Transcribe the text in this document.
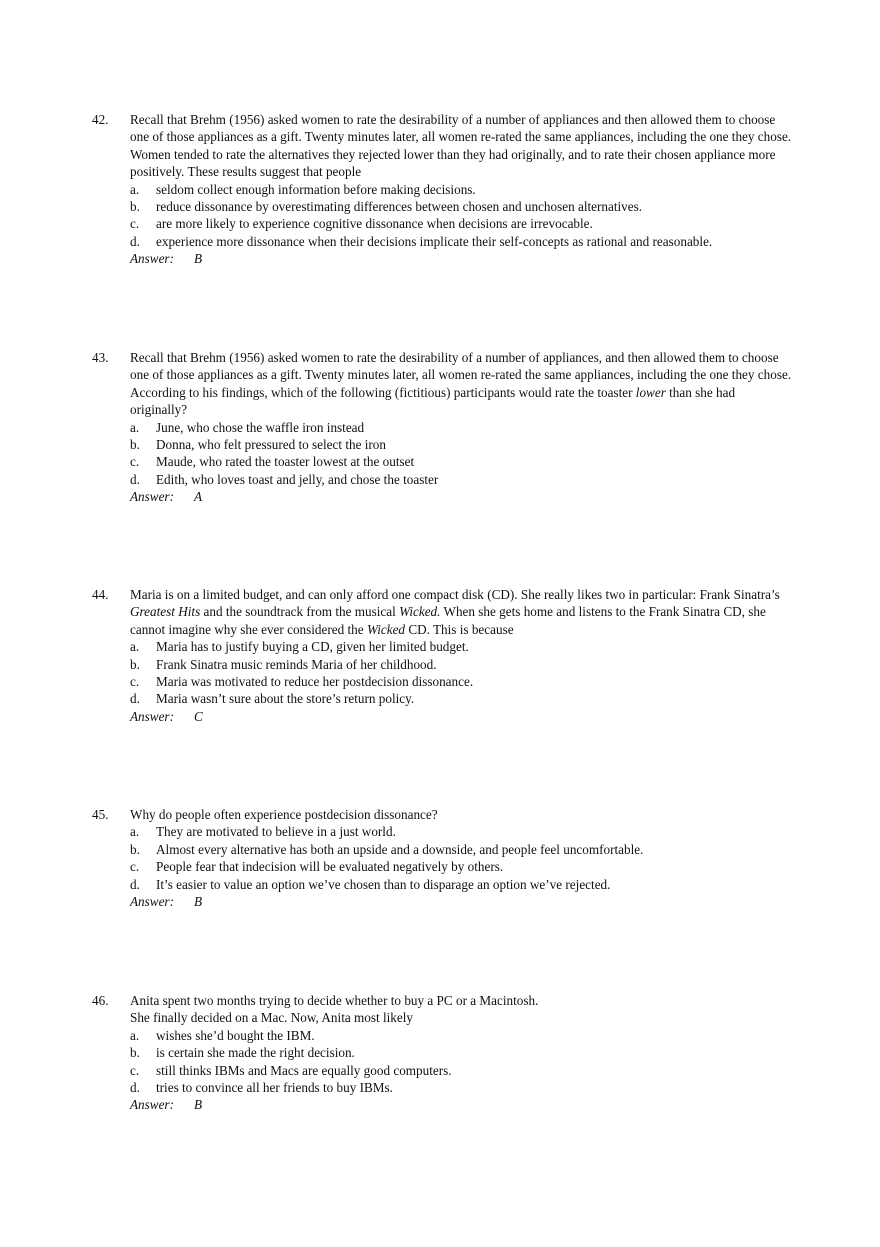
42. Recall that Brehm (1956) asked women to rate the desirability of a number of appliances and then allowed them to choose one of those appliances as a gift. Twenty minutes later, all women re-rated the same appliances, including the one they chose. Women tended to rate the alternatives they rejected lower than they had originally, and to rate their chosen appliance more positively. These results suggest that people

a. seldom collect enough information before making decisions.
b. reduce dissonance by overestimating differences between chosen and unchosen alternatives.
c. are more likely to experience cognitive dissonance when decisions are irrevocable.
d. experience more dissonance when their decisions implicate their self-concepts as rational and reasonable.
Answer: B
43. Recall that Brehm (1956) asked women to rate the desirability of a number of appliances, and then allowed them to choose one of those appliances as a gift. Twenty minutes later, all women re-rated the same appliances, including the one they chose. According to his findings, which of the following (fictitious) participants would rate the toaster lower than she had originally?

a. June, who chose the waffle iron instead
b. Donna, who felt pressured to select the iron
c. Maude, who rated the toaster lowest at the outset
d. Edith, who loves toast and jelly, and chose the toaster
Answer: A
44. Maria is on a limited budget, and can only afford one compact disk (CD). She really likes two in particular: Frank Sinatra’s Greatest Hits and the soundtrack from the musical Wicked. When she gets home and listens to the Frank Sinatra CD, she cannot imagine why she ever considered the Wicked CD. This is because

a. Maria has to justify buying a CD, given her limited budget.
b. Frank Sinatra music reminds Maria of her childhood.
c. Maria was motivated to reduce her postdecision dissonance.
d. Maria wasn’t sure about the store’s return policy.
Answer: C
45. Why do people often experience postdecision dissonance?

a. They are motivated to believe in a just world.
b. Almost every alternative has both an upside and a downside, and people feel uncomfortable.
c. People fear that indecision will be evaluated negatively by others.
d. It’s easier to value an option we’ve chosen than to disparage an option we’ve rejected.
Answer: B
46. Anita spent two months trying to decide whether to buy a PC or a Macintosh.

She finally decided on a Mac. Now, Anita most likely

a. wishes she’d bought the IBM.
b. is certain she made the right decision.
c. still thinks IBMs and Macs are equally good computers.
d. tries to convince all her friends to buy IBMs.
Answer: B
